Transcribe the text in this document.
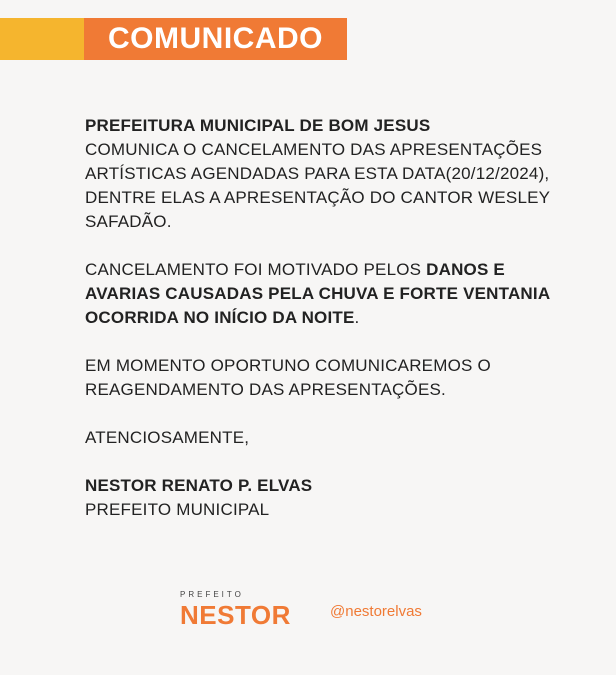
COMUNICADO

PREFEITURA MUNICIPAL DE BOM JESUS
COMUNICA O CANCELAMENTO DAS APRESENTAÇÕES ARTÍSTICAS AGENDADAS PARA ESTA DATA(20/12/2024), DENTRE ELAS A APRESENTAÇÃO DO CANTOR WESLEY SAFADÃO.

CANCELAMENTO FOI MOTIVADO PELOS DANOS E AVARIAS CAUSADAS PELA CHUVA E FORTE VENTANIA OCORRIDA NO INÍCIO DA NOITE.

EM MOMENTO OPORTUNO COMUNICAREMOS O REAGENDAMENTO DAS APRESENTAÇÕES.

ATENCIOSAMENTE,

NESTOR RENATO P. ELVAS
PREFEITO MUNICIPAL

PREFEITO
NESTOR	@nestorelvas
